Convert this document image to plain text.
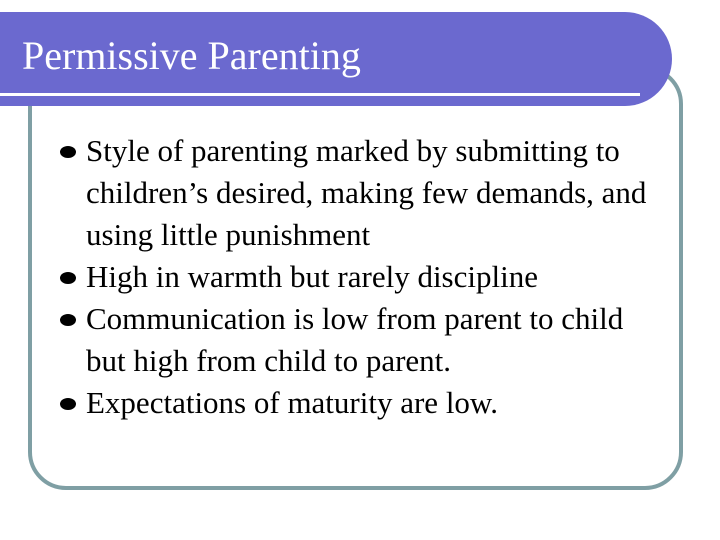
Permissive Parenting
Style of parenting marked by submitting to children’s desired, making few demands, and using little punishment
High in warmth but rarely discipline
Communication is low from parent to child but high from child to parent.
Expectations of maturity are low.
